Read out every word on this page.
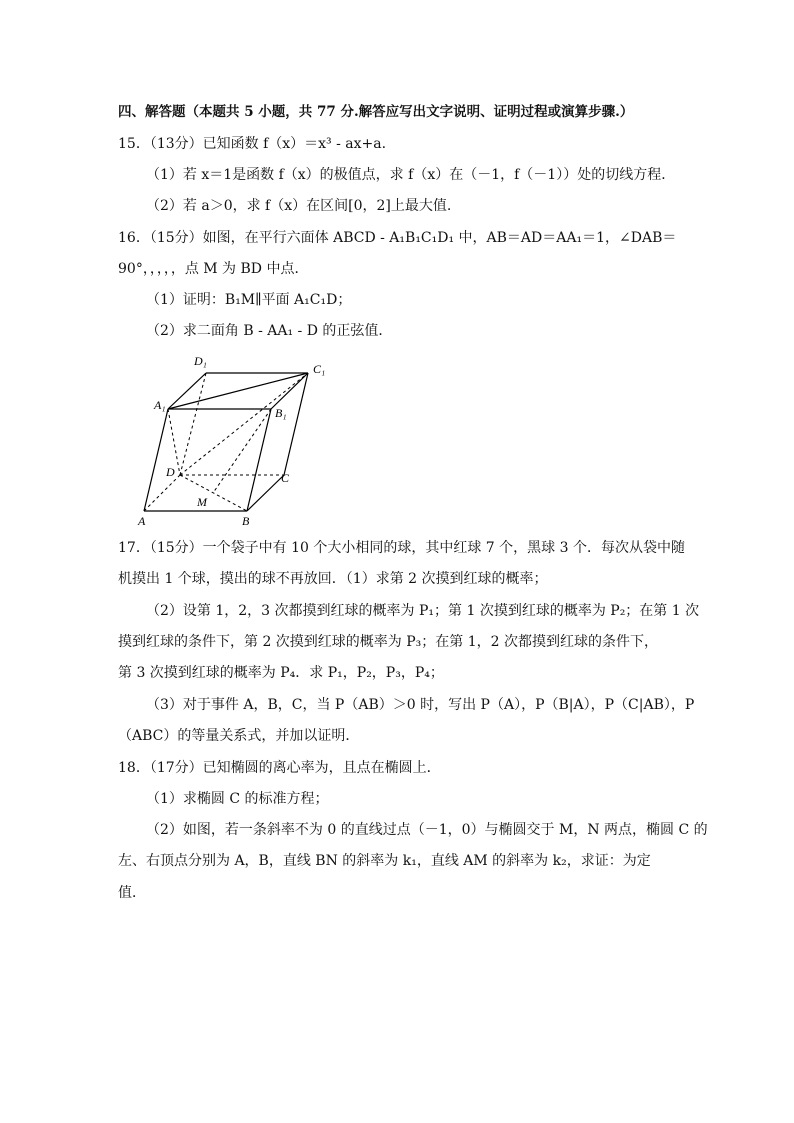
四、解答题（本题共 5 小题，共 77 分.解答应写出文字说明、证明过程或演算步骤.）
15．（13分）已知函数 f（x）＝x³ - ax+a.
（1）若 x＝1是函数 f（x）的极值点，求 f（x）在（－1，f（－1））处的切线方程．
（2）若 a＞0，求 f（x）在区间[0，2]上最大值.
16．（15分）如图，在平行六面体 ABCD - A₁B₁C₁D₁ 中，AB＝AD＝AA₁＝1，∠DAB＝
90°，，，，，点 M 为 BD 中点．
（1）证明：B₁M∥平面 A₁C₁D；
（2）求二面角 B - AA₁ - D 的正弦值．
D₁
C₁
A₁
B₁
D	C
M
A	B
17．（15分）一个袋子中有 10 个大小相同的球，其中红球 7 个，黑球 3 个．每次从袋中随
机摸出 1 个球，摸出的球不再放回．（1）求第 2 次摸到红球的概率；
（2）设第 1，2，3 次都摸到红球的概率为 P₁；第 1 次摸到红球的概率为 P₂；在第 1 次
摸到红球的条件下，第 2 次摸到红球的概率为 P₃；在第 1，2 次都摸到红球的条件下，
第 3 次摸到红球的概率为 P₄．求 P₁，P₂，P₃，P₄；
（3）对于事件 A，B，C，当 P（AB）＞0 时，写出 P（A），P（B|A），P（C|AB），P
（ABC）的等量关系式，并加以证明．
18．（17分）已知椭圆的离心率为，且点在椭圆上．
（1）求椭圆 C 的标准方程；
（2）如图，若一条斜率不为 0 的直线过点（－1，0）与椭圆交于 M，N 两点，椭圆 C 的
左、右顶点分别为 A，B，直线 BN 的斜率为 k₁，直线 AM 的斜率为 k₂，求证：为定
值．
